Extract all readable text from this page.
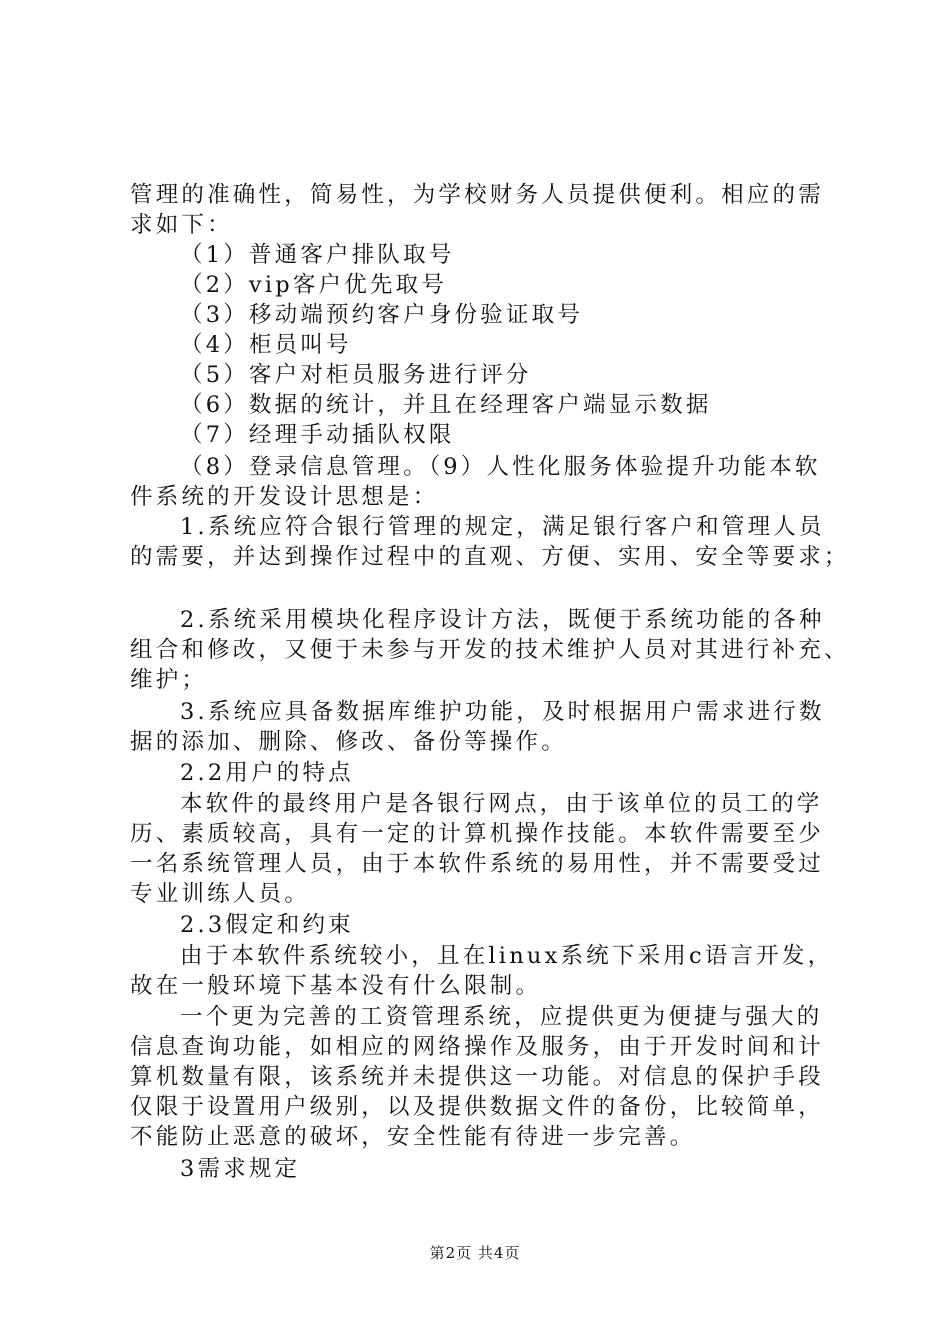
管理的准确性，简易性，为学校财务人员提供便利。相应的需
求如下：
（1）普通客户排队取号
（2）vip客户优先取号
（3）移动端预约客户身份验证取号
（4）柜员叫号
（5）客户对柜员服务进行评分
（6）数据的统计，并且在经理客户端显示数据
（7）经理手动插队权限
（8）登录信息管理。（9）人性化服务体验提升功能本软
件系统的开发设计思想是：
1.系统应符合银行管理的规定，满足银行客户和管理人员
的需要，并达到操作过程中的直观、方便、实用、安全等要求；
2.系统采用模块化程序设计方法，既便于系统功能的各种
组合和修改，又便于未参与开发的技术维护人员对其进行补充、
维护；
3.系统应具备数据库维护功能，及时根据用户需求进行数
据的添加、删除、修改、备份等操作。
2.2用户的特点
本软件的最终用户是各银行网点，由于该单位的员工的学
历、素质较高，具有一定的计算机操作技能。本软件需要至少
一名系统管理人员，由于本软件系统的易用性，并不需要受过
专业训练人员。
2.3假定和约束
由于本软件系统较小，且在linux系统下采用c语言开发，
故在一般环境下基本没有什么限制。
一个更为完善的工资管理系统，应提供更为便捷与强大的
信息查询功能，如相应的网络操作及服务，由于开发时间和计
算机数量有限，该系统并未提供这一功能。对信息的保护手段
仅限于设置用户级别，以及提供数据文件的备份，比较简单，
不能防止恶意的破坏，安全性能有待进一步完善。
3需求规定
第2页 共4页
